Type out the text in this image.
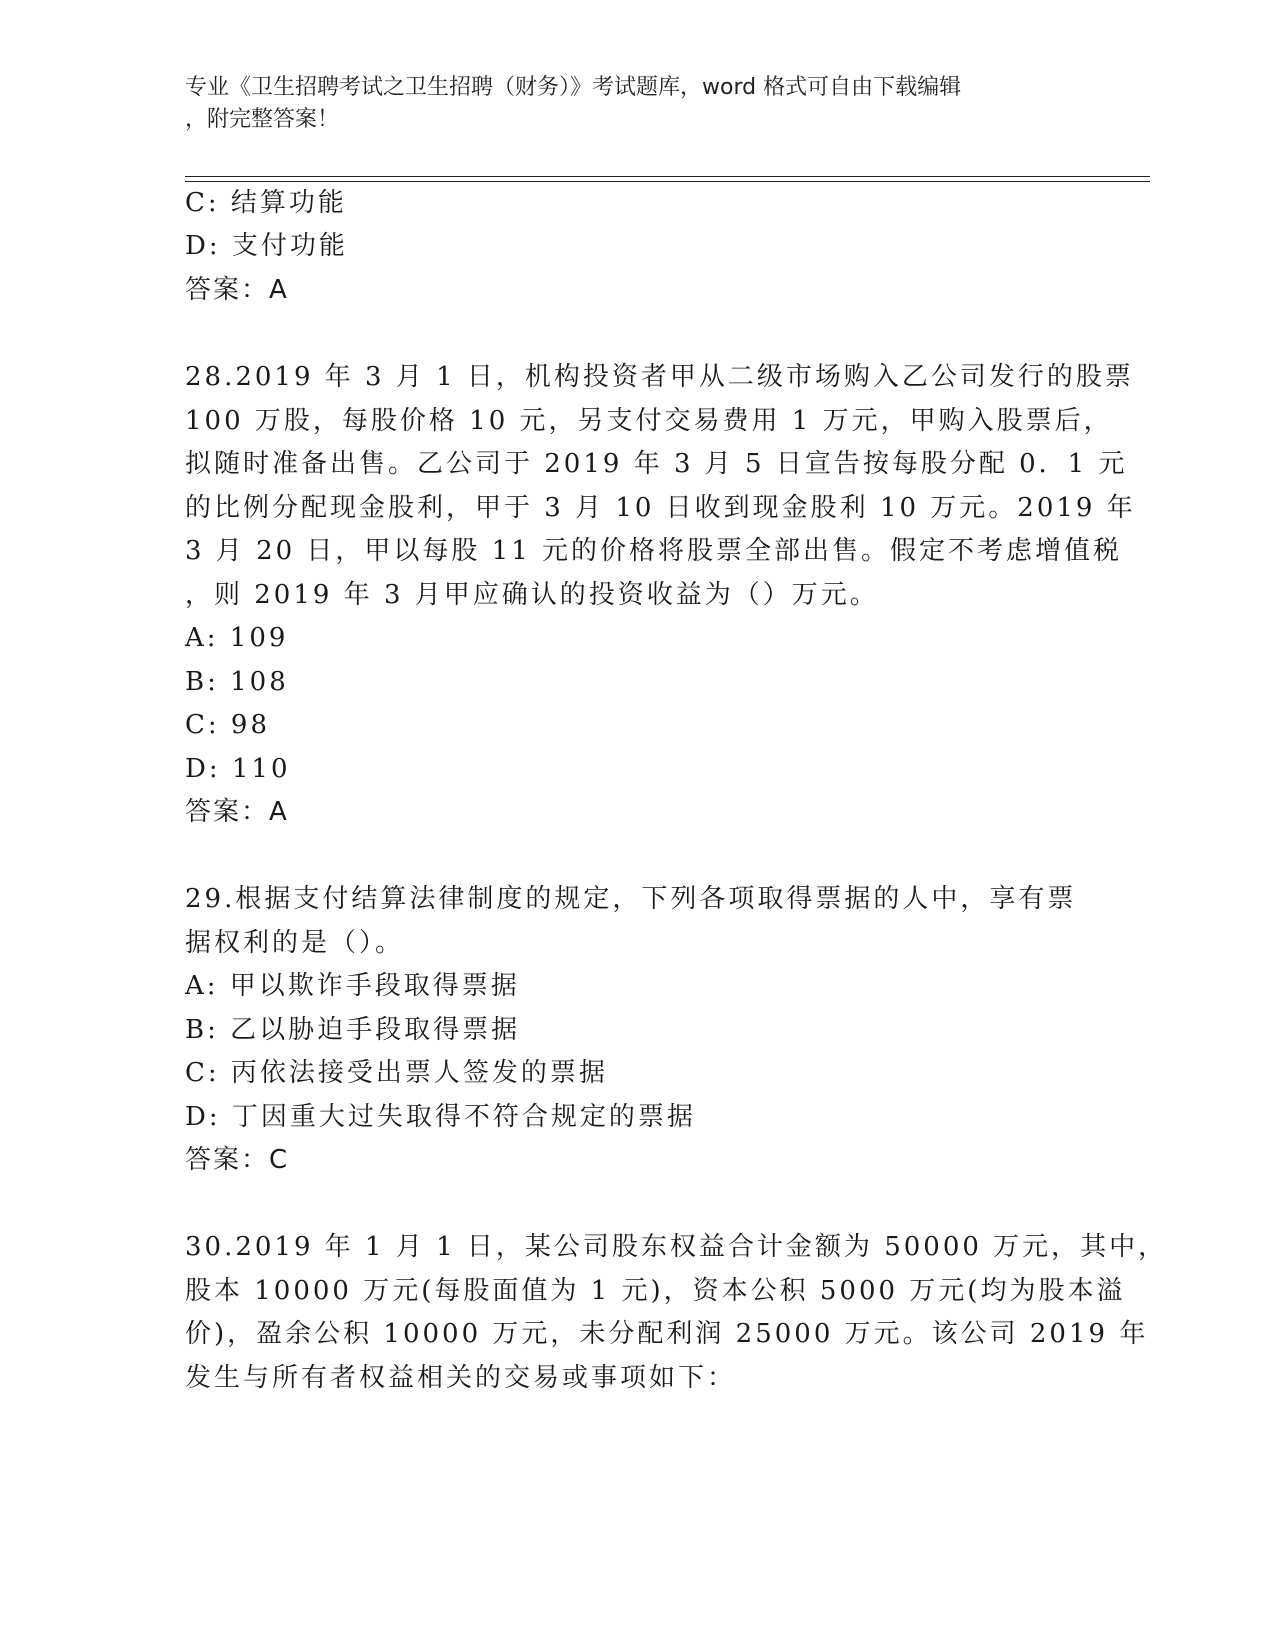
专业《卫生招聘考试之卫生招聘（财务）》考试题库，word 格式可自由下载编辑
，附完整答案！
C: 结算功能
D: 支付功能
答案：A
28.2019 年 3 月 1 日，机构投资者甲从二级市场购入乙公司发行的股票
100 万股，每股价格 10 元，另支付交易费用 1 万元，甲购入股票后，
拟随时准备出售。乙公司于 2019 年 3 月 5 日宣告按每股分配 0．1 元
的比例分配现金股利，甲于 3 月 10 日收到现金股利 10 万元。2019 年
3 月 20 日，甲以每股 11 元的价格将股票全部出售。假定不考虑增值税
，则 2019 年 3 月甲应确认的投资收益为（）万元。
A: 109
B: 108
C: 98
D: 110
答案：A
29.根据支付结算法律制度的规定，下列各项取得票据的人中，享有票
据权利的是（）。
A: 甲以欺诈手段取得票据
B: 乙以胁迫手段取得票据
C: 丙依法接受出票人签发的票据
D: 丁因重大过失取得不符合规定的票据
答案：C
30.2019 年 1 月 1 日，某公司股东权益合计金额为 50000 万元，其中，
股本 10000 万元(每股面值为 1 元)，资本公积 5000 万元(均为股本溢
价)，盈余公积 10000 万元，未分配利润 25000 万元。该公司 2019 年
发生与所有者权益相关的交易或事项如下：
